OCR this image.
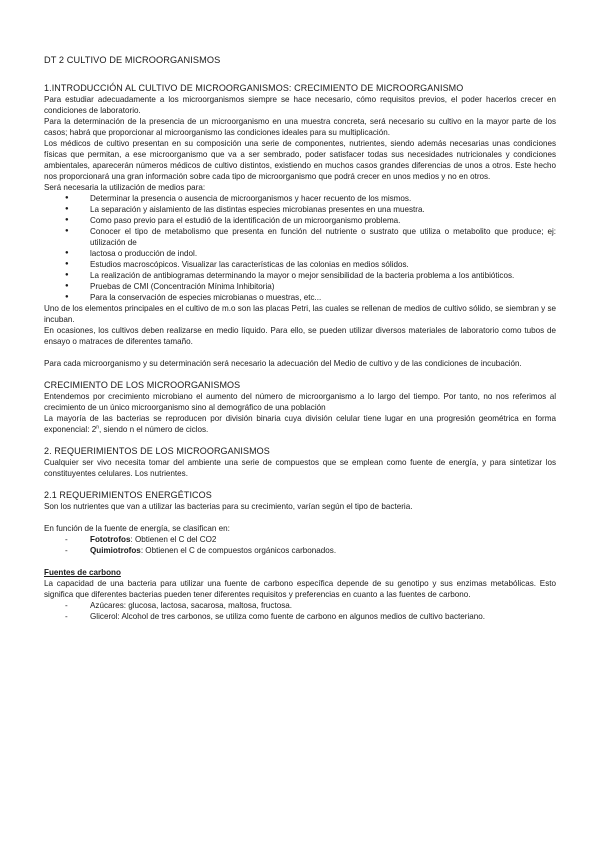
DT 2 CULTIVO DE MICROORGANISMOS
1.INTRODUCCIÓN AL CULTIVO DE MICROORGANISMOS: CRECIMIENTO DE MICROORGANISMO

Para estudiar adecuadamente a los microorganismos siempre se hace necesario, cómo requisitos previos, el poder hacerlos crecer en condiciones de laboratorio.

Para la determinación de la presencia de un microorganismo en una muestra concreta, será necesario su cultivo en la mayor parte de los casos; habrá que proporcionar al microorganismo las condiciones ideales para su multiplicación.

Los médicos de cultivo presentan en su composición una serie de componentes, nutrientes, siendo además necesarias unas condiciones físicas que permitan, a ese microorganismo que va a ser sembrado, poder satisfacer todas sus necesidades nutricionales y condiciones ambientales, aparecerán números médicos de cultivo distintos, existiendo en muchos casos grandes diferencias de unos a otros. Este hecho nos proporcionará una gran información sobre cada tipo de microorganismo que podrá crecer en unos medios y no en otros.

Será necesaria la utilización de medios para:

● Determinar la presencia o ausencia de microorganismos y hacer recuento de los mismos.
● La separación y aislamiento de las distintas especies microbianas presentes en una muestra.
● Como paso previo para el estudió de la identificación de un microorganismo problema.
● Conocer el tipo de metabolismo que presenta en función del nutriente o sustrato que utiliza o metabolito que produce; ej: utilización de
● lactosa o producción de indol.
● Estudios macroscópicos. Visualizar las características de las colonias en medios sólidos.
● La realización de antibiogramas determinando la mayor o mejor sensibilidad de la bacteria problema a los antibióticos.
● Pruebas de CMI (Concentración Mínima Inhibitoria)
● Para la conservación de especies microbianas o muestras, etc...

Uno de los elementos principales en el cultivo de m.o son las placas Petri, las cuales se rellenan de medios de cultivo sólido, se siembran y se incuban.

En ocasiones, los cultivos deben realizarse en medio líquido. Para ello, se pueden utilizar diversos materiales de laboratorio como tubos de ensayo o matraces de diferentes tamaño.

Para cada microorganismo y su determinación será necesario la adecuación del Medio de cultivo y de las condiciones de incubación.

CRECIMIENTO DE LOS MICROORGANISMOS

Entendemos por crecimiento microbiano el aumento del número de microorganismo a lo largo del tiempo. Por tanto, no nos referimos al crecimiento de un único microorganismo sino al demográfico de una población

La mayoría de las bacterias se reproducen por división binaria cuya división celular tiene lugar en una progresión geométrica en forma exponencial: 2$^n$, siendo n el número de ciclos.

2. REQUERIMIENTOS DE LOS MICROORGANISMOS

Cualquier ser vivo necesita tomar del ambiente una serie de compuestos que se emplean como fuente de energía, y para sintetizar los constituyentes celulares. Los nutrientes.

2.1 REQUERIMIENTOS ENERGÉTICOS

Son los nutrientes que van a utilizar las bacterias para su crecimiento, varían según el tipo de bacteria.

En función de la fuente de energía, se clasifican en:

- Fototrofos: Obtienen el C del CO2
- Quimiotrofos: Obtienen el C de compuestos orgánicos carbonados.
Fuentes de carbono

La capacidad de una bacteria para utilizar una fuente de carbono específica depende de su genotipo y sus enzimas metabólicas. Esto significa que diferentes bacterias pueden tener diferentes requisitos y preferencias en cuanto a las fuentes de carbono.

- Azúcares: glucosa, lactosa, sacarosa, maltosa, fructosa.
- Glicerol: Alcohol de tres carbonos, se utiliza como fuente de carbono en algunos medios de cultivo bacteriano.
